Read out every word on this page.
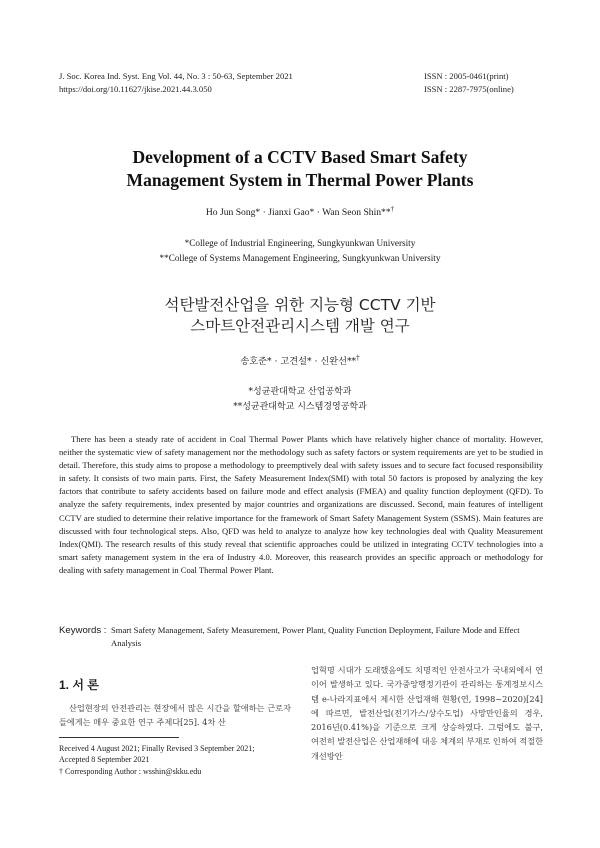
J. Soc. Korea Ind. Syst. Eng Vol. 44, No. 3 : 50-63, September 2021
https://doi.org/10.11627/jkise.2021.44.3.050
ISSN : 2005-0461(print)
ISSN : 2287-7975(online)
Development of a CCTV Based Smart Safety
Management System in Thermal Power Plants
Ho Jun Song* · Jianxi Gao* · Wan Seon Shin**†
*College of Industrial Engineering, Sungkyunkwan University
**College of Systems Management Engineering, Sungkyunkwan University
석탄발전산업을 위한 지능형 CCTV 기반
스마트안전관리시스템 개발 연구
송호준* · 고견설* · 신완선**†
*성균관대학교 산업공학과
**성균관대학교 시스템경영공학과
There has been a steady rate of accident in Coal Thermal Power Plants which have relatively higher chance of mortality. However, neither the systematic view of safety management nor the methodology such as safety factors or system requirements are yet to be studied in detail. Therefore, this study aims to propose a methodology to preemptively deal with safety issues and to secure fact focused responsibility in safety. It consists of two main parts. First, the Safety Measurement Index(SMI) with total 50 factors is proposed by analyzing the key factors that contribute to safety accidents based on failure mode and effect analysis (FMEA) and quality function deployment (QFD). To analyze the safety requirements, index presented by major countries and organizations are discussed. Second, main features of intelligent CCTV are studied to determine their relative importance for the framework of Smart Safety Management System (SSMS). Main features are discussed with four technological steps. Also, QFD was held to analyze to analyze how key technologies deal with Quality Measurement Index(QMI). The research results of this study reveal that scientific approaches could be utilized in integrating CCTV technologies into a smart safety management system in the era of Industry 4.0. Moreover, this reasearch provides an specific approach or methodology for dealing with safety management in Coal Thermal Power Plant.
Keywords : Smart Safety Management, Safety Measurement, Power Plant, Quality Function Deployment, Failure Mode and Effect Analysis
1. 서 론
산업현장의 안전관리는 현장에서 많은 시간을 할애하는 근로자들에게는 매우 중요한 연구 주제다[25]. 4차 산
업혁명 시대가 도래했음에도 치명적인 안전사고가 국내외에서 연이어 발생하고 있다. 국가중앙행정기관이 관리하는 통계정보시스템 e-나라지표에서 제시한 산업재해 현황(연, 1998~2020)[24]에 따르면, 발전산업(전기가스/상수도업) 사망만인율의 경우, 2016년(0.41%)을 기준으로 크게 상승하였다. 그럼에도 불구, 여전히 발전산업은 산업재해에 대응 체계의 부재로 인하여 적절한 개선방안
Received 4 August 2021; Finally Revised 3 September 2021;
Accepted 8 September 2021
† Corresponding Author : wsshin@skku.edu
